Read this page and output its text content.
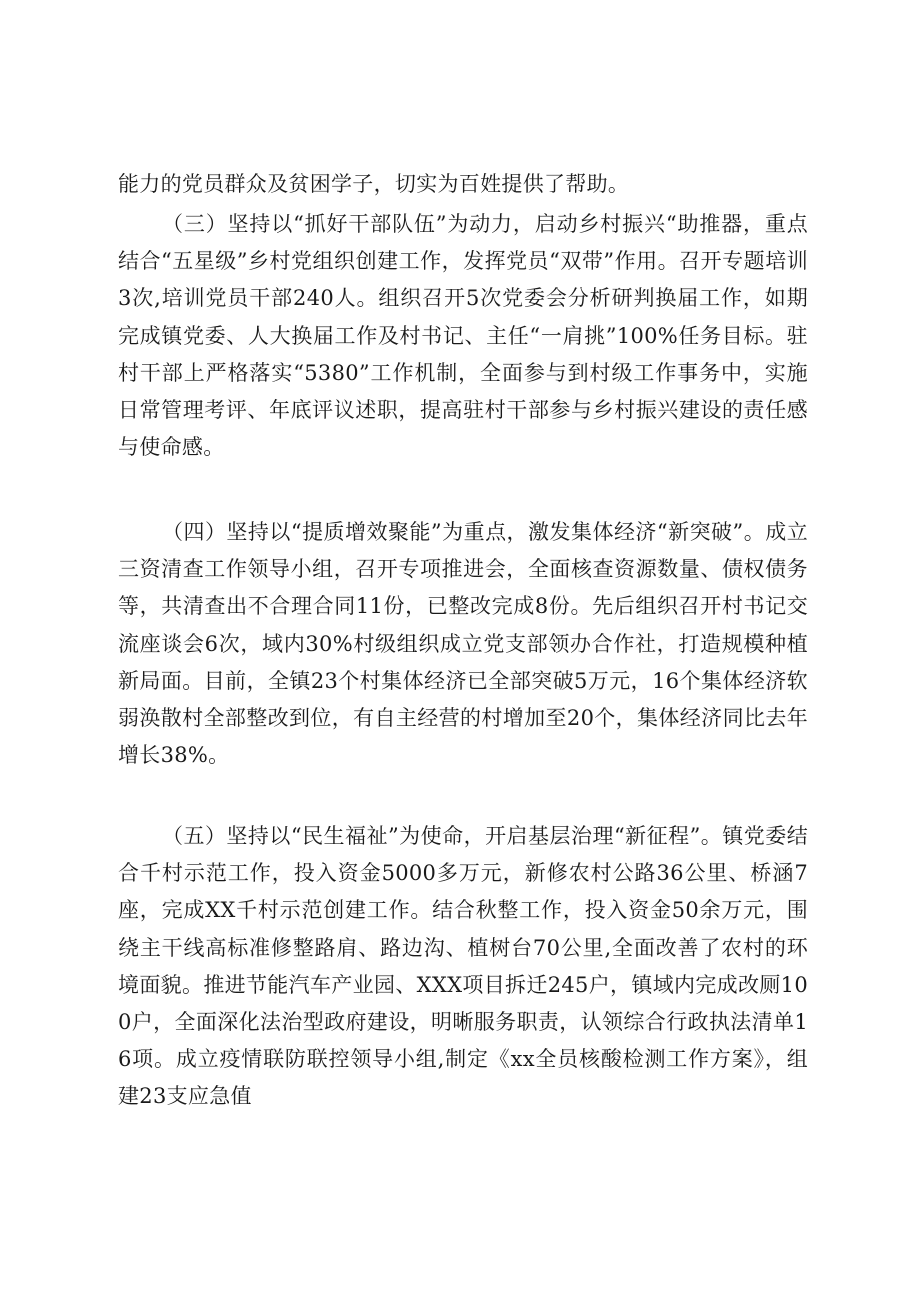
能力的党员群众及贫困学子，切实为百姓提供了帮助。

（三）坚持以“抓好干部队伍”为动力，启动乡村振兴“助推器，重点结合“五星级”乡村党组织创建工作，发挥党员“双带”作用。召开专题培训3次,培训党员干部240人。组织召开5次党委会分析研判换届工作，如期完成镇党委、人大换届工作及村书记、主任“一肩挑”100%任务目标。驻村干部上严格落实“5380”工作机制，全面参与到村级工作事务中，实施日常管理考评、年底评议述职，提高驻村干部参与乡村振兴建设的责任感与使命感。

（四）坚持以“提质增效聚能”为重点，激发集体经济“新突破”。成立三资清查工作领导小组，召开专项推进会，全面核查资源数量、债权债务等，共清查出不合理合同11份，已整改完成8份。先后组织召开村书记交流座谈会6次，域内30%村级组织成立党支部领办合作社，打造规模种植新局面。目前，全镇23个村集体经济已全部突破5万元，16个集体经济软弱涣散村全部整改到位，有自主经营的村增加至20个，集体经济同比去年增长38%。

（五）坚持以“民生福祉”为使命，开启基层治理“新征程”。镇党委结合千村示范工作，投入资金5000多万元，新修农村公路36公里、桥涵7座，完成XX千村示范创建工作。结合秋整工作，投入资金50余万元，围绕主干线高标准修整路肩、路边沟、植树台70公里,全面改善了农村的环境面貌。推进节能汽车产业园、XXX项目拆迁245户，镇域内完成改厕100户，全面深化法治型政府建设，明晰服务职责，认领综合行政执法清单16项。成立疫情联防联控领导小组,制定《xx全员核酸检测工作方案》，组建23支应急值
